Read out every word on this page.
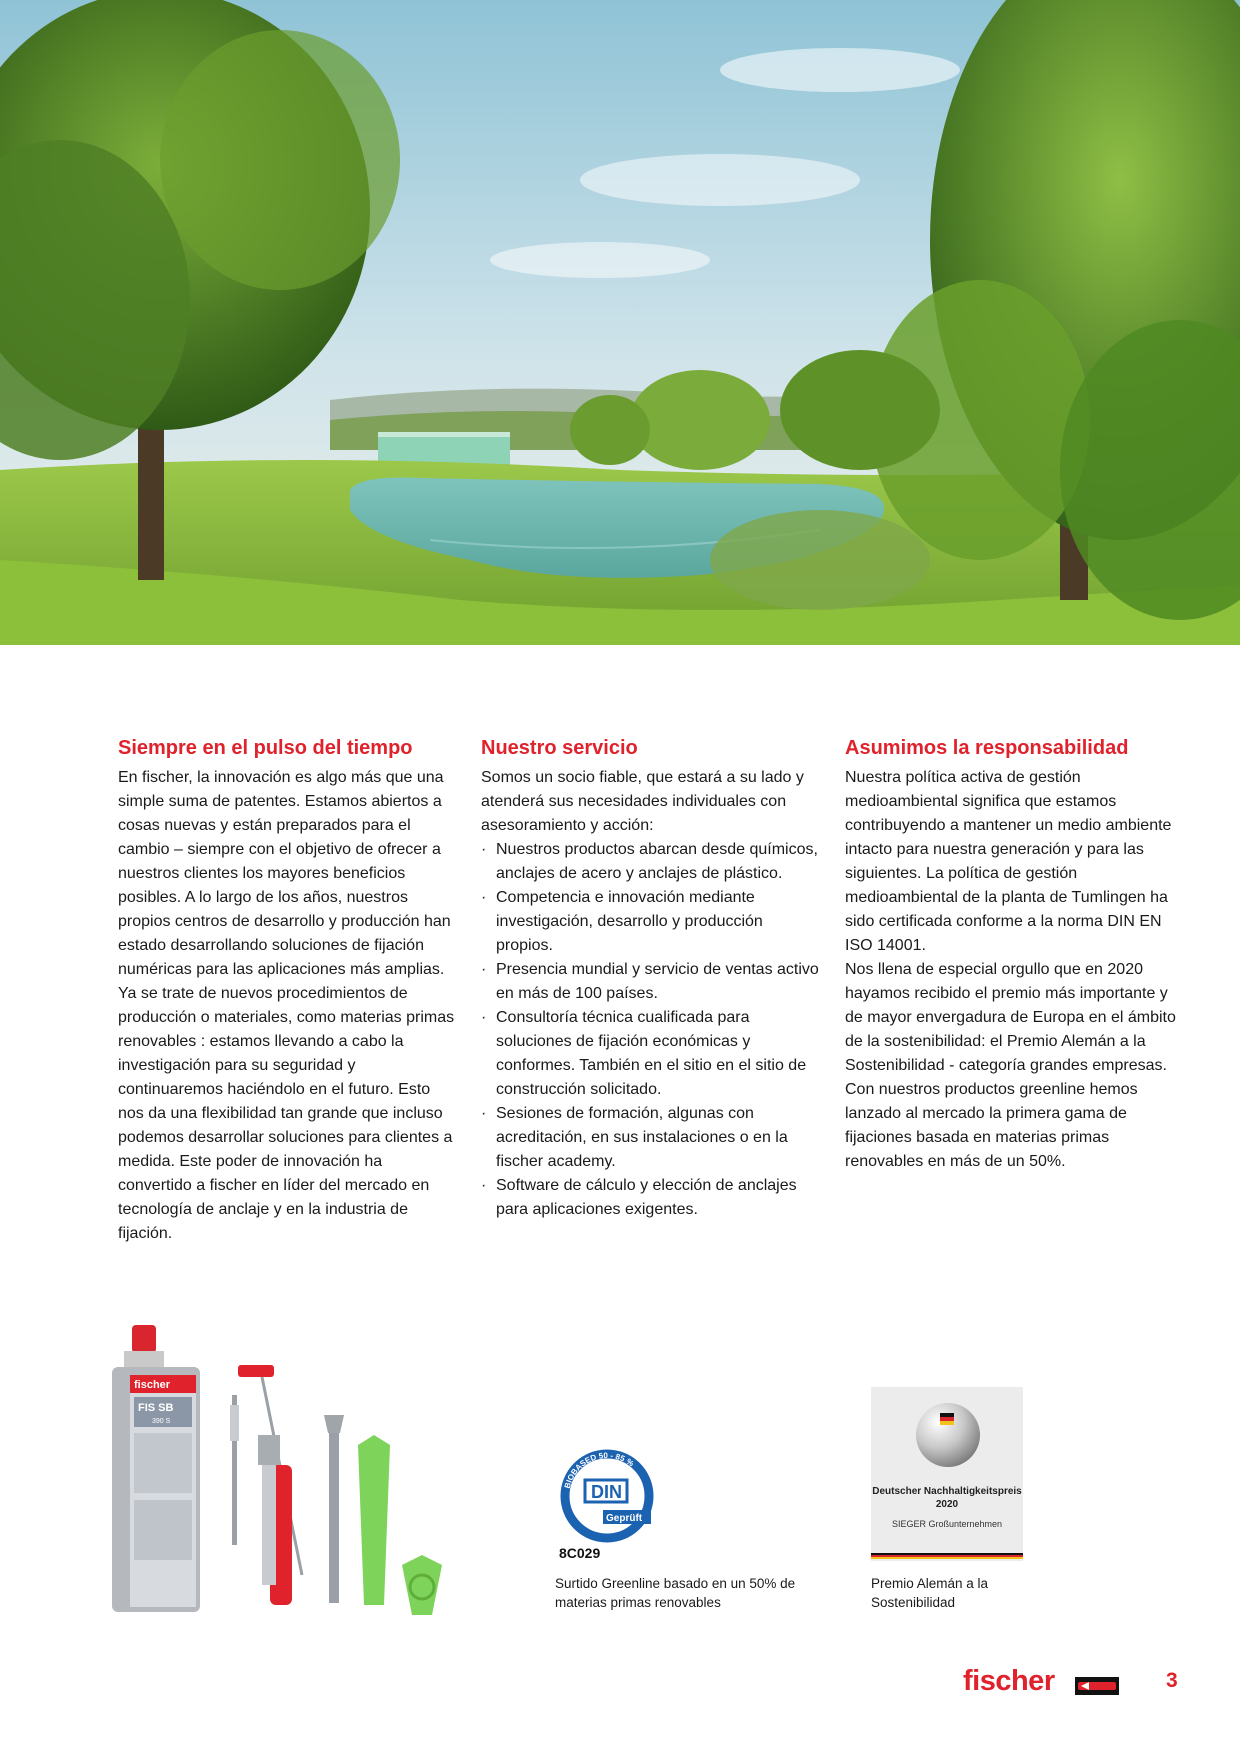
Siempre en el pulso del tiempo

En fischer, la innovación es algo más que una simple suma de patentes. Estamos abiertos a cosas nuevas y están preparados para el cambio – siempre con el objetivo de ofrecer a nuestros clientes los mayores beneficios posibles. A lo largo de los años, nuestros propios centros de desarrollo y producción han estado desarrollando soluciones de fijación numéricas para las aplicaciones más amplias. Ya se trate de nuevos procedimientos de producción o materiales, como materias primas renovables : estamos llevando a cabo la investigación para su seguridad y continuaremos haciéndolo en el futuro. Esto nos da una flexibilidad tan grande que incluso podemos desarrollar soluciones para clientes a medida. Este poder de innovación ha convertido a fischer en líder del mercado en tecnología de anclaje y en la industria de fijación.

Nuestro servicio

Somos un socio fiable, que estará a su lado y atenderá sus necesidades individuales con asesoramiento y acción:

· Nuestros productos abarcan desde químicos, anclajes de acero y anclajes de plástico.
· Competencia e innovación mediante investigación, desarrollo y producción propios.
· Presencia mundial y servicio de ventas activo en más de 100 países.
· Consultoría técnica cualificada para soluciones de fijación económicas y conformes. También en el sitio en el sitio de construcción solicitado.
· Sesiones de formación, algunas con acreditación, en sus instalaciones o en la fischer academy.
· Software de cálculo y elección de anclajes para aplicaciones exigentes.
Asumimos la responsabilidad

Nuestra política activa de gestión medioambiental significa que estamos contribuyendo a mantener un medio ambiente intacto para nuestra generación y para las siguientes. La política de gestión medioambiental de la planta de Tumlingen ha sido certificada conforme a la norma DIN EN ISO 14001.

Nos llena de especial orgullo que en 2020 hayamos recibido el premio más importante y de mayor envergadura de Europa en el ámbito de la sostenibilidad: el Premio Alemán a la Sostenibilidad - categoría grandes empresas.

Con nuestros productos greenline hemos lanzado al mercado la primera gama de fijaciones basada en materias primas renovables en más de un 50%.

fischer
FIS SB
390 S
BIOBASED 50 - 85 %
DIN
Geprüft
8C029
Surtido Greenline basado en un 50% de materias primas renovables
Deutscher Nachhaltigkeitspreis 2020
SIEGER Großunternehmen
Premio Alemán a la Sostenibilidad
fischer	3
